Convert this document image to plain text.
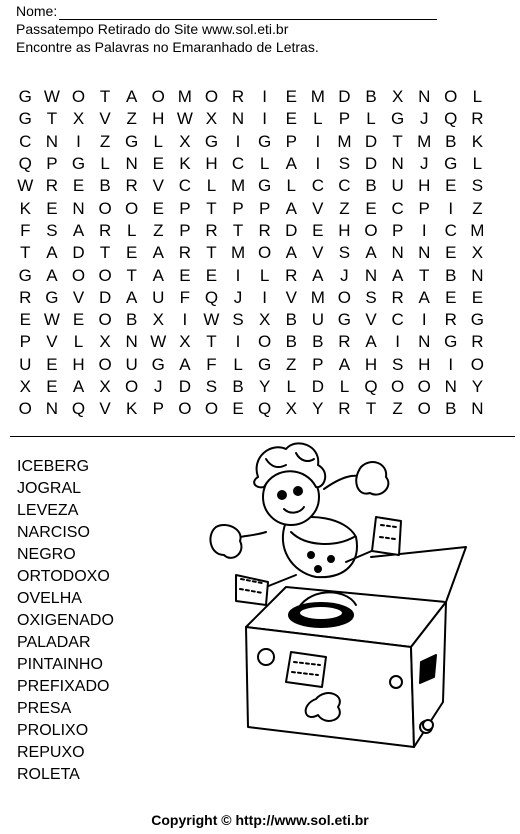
Nome:
Passatempo Retirado do Site www.sol.eti.br
Encontre as Palavras no Emaranhado de Letras.
G W O T A O M O R	I	E M D B X N O L
G T X V Z H W X N	I	E L P L G J Q R
C N	I	Z G L X G	I	G P	I	M D T M B K
Q P G L N E K H C L A	I	S D N J G L
W R E B R V C L M G L C C B U H E S
K E N O O E P T P P A V Z E C P	I	Z
F S A R L Z P R T R D E H O P	I	C M
T A D T E A R T M O A V S A N N E X
G A O O T A E E	I	L R A J N A T B N
R G V D A U F Q J	I	V M O S R A E E
E W E O B X	I W S X B U G V C	I	R G
P V L X N W X T	I	O B B R A	I	N G R
U E H O U G A F L G Z P A H S H	I	O
X E A X O J D S B Y L D L Q O O N Y
O N Q V K P O O E Q X Y R T Z O B N
ICEBERG
JOGRAL
LEVEZA
NARCISO
NEGRO
ORTODOXO
OVELHA
OXIGENADO
PALADAR
PINTAINHO
PREFIXADO
PRESA
PROLIXO
REPUXO
ROLETA
Copyright © http://www.sol.eti.br
